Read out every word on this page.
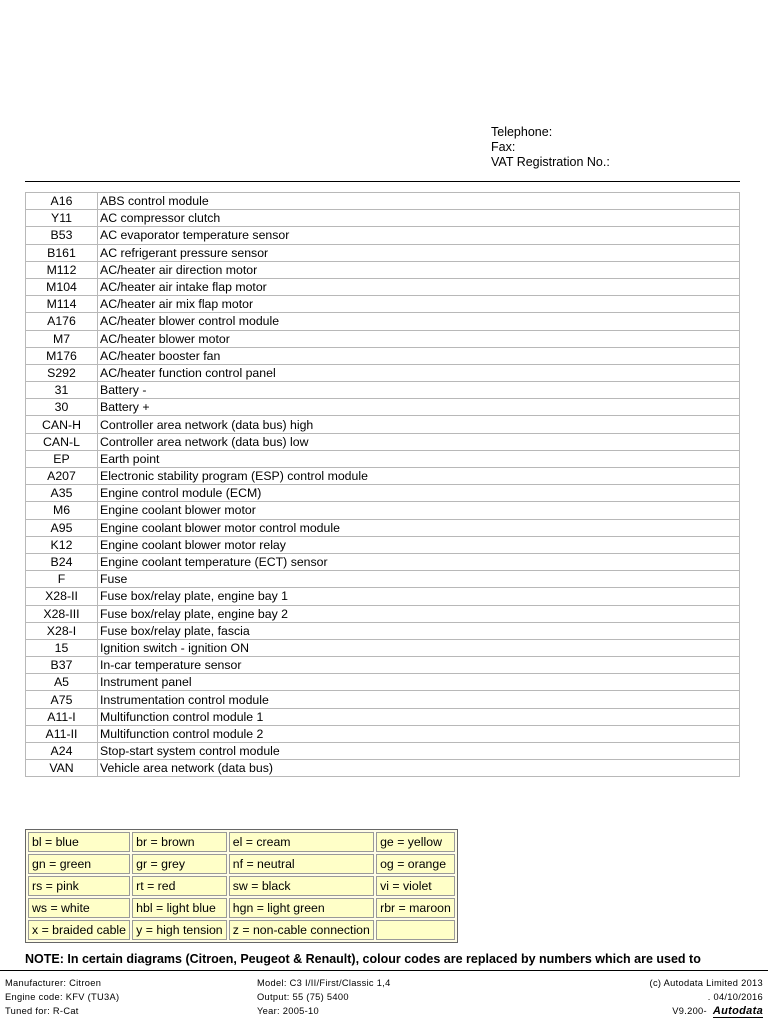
Telephone:
Fax:
VAT Registration No.:
A16	ABS control module
Y11	AC compressor clutch
B53	AC evaporator temperature sensor
B161	AC refrigerant pressure sensor
M112	AC/heater air direction motor
M104	AC/heater air intake flap motor
M114	AC/heater air mix flap motor
A176	AC/heater blower control module
M7	AC/heater blower motor
M176	AC/heater booster fan
S292	AC/heater function control panel
31	Battery -
30	Battery +
CAN-H	Controller area network (data bus) high
CAN-L	Controller area network (data bus) low
EP	Earth point
A207	Electronic stability program (ESP) control module
A35	Engine control module (ECM)
M6	Engine coolant blower motor
A95	Engine coolant blower motor control module
K12	Engine coolant blower motor relay
B24	Engine coolant temperature (ECT) sensor
F	Fuse
X28-II	Fuse box/relay plate, engine bay 1
X28-III	Fuse box/relay plate, engine bay 2
X28-I	Fuse box/relay plate, fascia
15	Ignition switch - ignition ON
B37	In-car temperature sensor
A5	Instrument panel
A75	Instrumentation control module
A11-I	Multifunction control module 1
A11-II	Multifunction control module 2
A24	Stop-start system control module
VAN	Vehicle area network (data bus)
bl = blue	br = brown	el = cream	ge = yellow
gn = green	gr = grey	nf = neutral	og = orange
rs = pink	rt = red	sw = black	vi = violet
ws = white	hbl = light blue	hgn = light green	rbr = maroon
x = braided cable	y = high tension	z = non-cable connection	
NOTE: In certain diagrams (Citroen, Peugeot & Renault), colour codes are replaced by numbers which are used to
Manufacturer: Citroen
Engine code: KFV (TU3A)
Tuned for: R-Cat
Model: C3 I/II/First/Classic 1,4
Output: 55 (75) 5400
Year: 2005-10
(c) Autodata Limited 2013
. 04/10/2016
V9.200- Autodata
